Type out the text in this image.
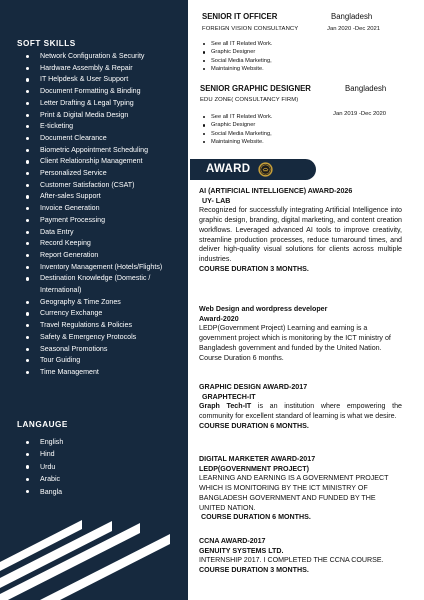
SOFT SKILLS
Network Configuration & Security
Hardware Assembly & Repair
IT Helpdesk & User Support
Document Formatting & Binding
Letter Drafting & Legal Typing
Print & Digital Media Design
E-ticketing
Document Clearance
Biometric Appointment Scheduling
Client Relationship Management
Personalized Service
Customer Satisfaction (CSAT)
After-sales Support
Invoice Generation
Payment Processing
Data Entry
Record Keeping
Report Generation
Inventory Management (Hotels/Flights)
Destination Knowledge (Domestic / International)
Geography & Time Zones
Currency Exchange
Travel Regulations & Policies
Safety & Emergency Protocols
Seasonal Promotions
Tour Guiding
Time Management
LANGAUGE
English
Hind
Urdu
Arabic
Bangla
SENIOR IT OFFICER	Bangladesh
FOREIGN VISION CONSULTANCY	Jan 2020 -Dec 2021
See all IT Related Work.
Graphic Designer
Social Media Marketing,
Maintaining Website.
SENIOR GRAPHIC DESIGNER	Bangladesh
EDU ZONE( CONSULTANCY FIRM)
Jan 2019 -Dec 2020
See all IT Related Work.
Graphic Designer
Social Media Marketing,
Maintaining Website.
AWARD
AI (ARTIFICIAL INTELLIGENCE) AWARD-2026
UY- LAB
Recognized for successfully integrating Artificial Intelligence into graphic design, branding, digital marketing, and content creation workflows. Leveraged advanced AI tools to improve creativity, streamline production processes, reduce turnaround times, and deliver high-quality visual solutions for clients across multiple industries.
COURSE DURATION 3 MONTHS.
Web Design and wordpress developer
Award-2020
LEDP(Government Project) Learning and earning is a government project which is monitoring by the ICT ministry of Bangladesh government and funded by the United Nation.
Course Duration 6 months.
GRAPHIC DESIGN AWARD-2017
GRAPHTECH-IT
Graph Tech-IT is an institution where empowering the community for excellent standard of learning is what we desire.
COURSE DURATION 6 MONTHS.
DIGITAL MARKETER AWARD-2017
LEDP(GOVERNMENT PROJECT)
LEARNING AND EARNING IS A GOVERNMENT PROJECT WHICH IS MONITORING BY THE ICT MINISTRY OF BANGLADESH GOVERNMENT AND FUNDED BY THE UNITED NATION.
COURSE DURATION 6 MONTHS.
CCNA AWARD-2017
GENUITY SYSTEMS LTD.
INTERNSHIP 2017. I COMPLETED THE CCNA COURSE.
COURSE DURATION 3 MONTHS.
